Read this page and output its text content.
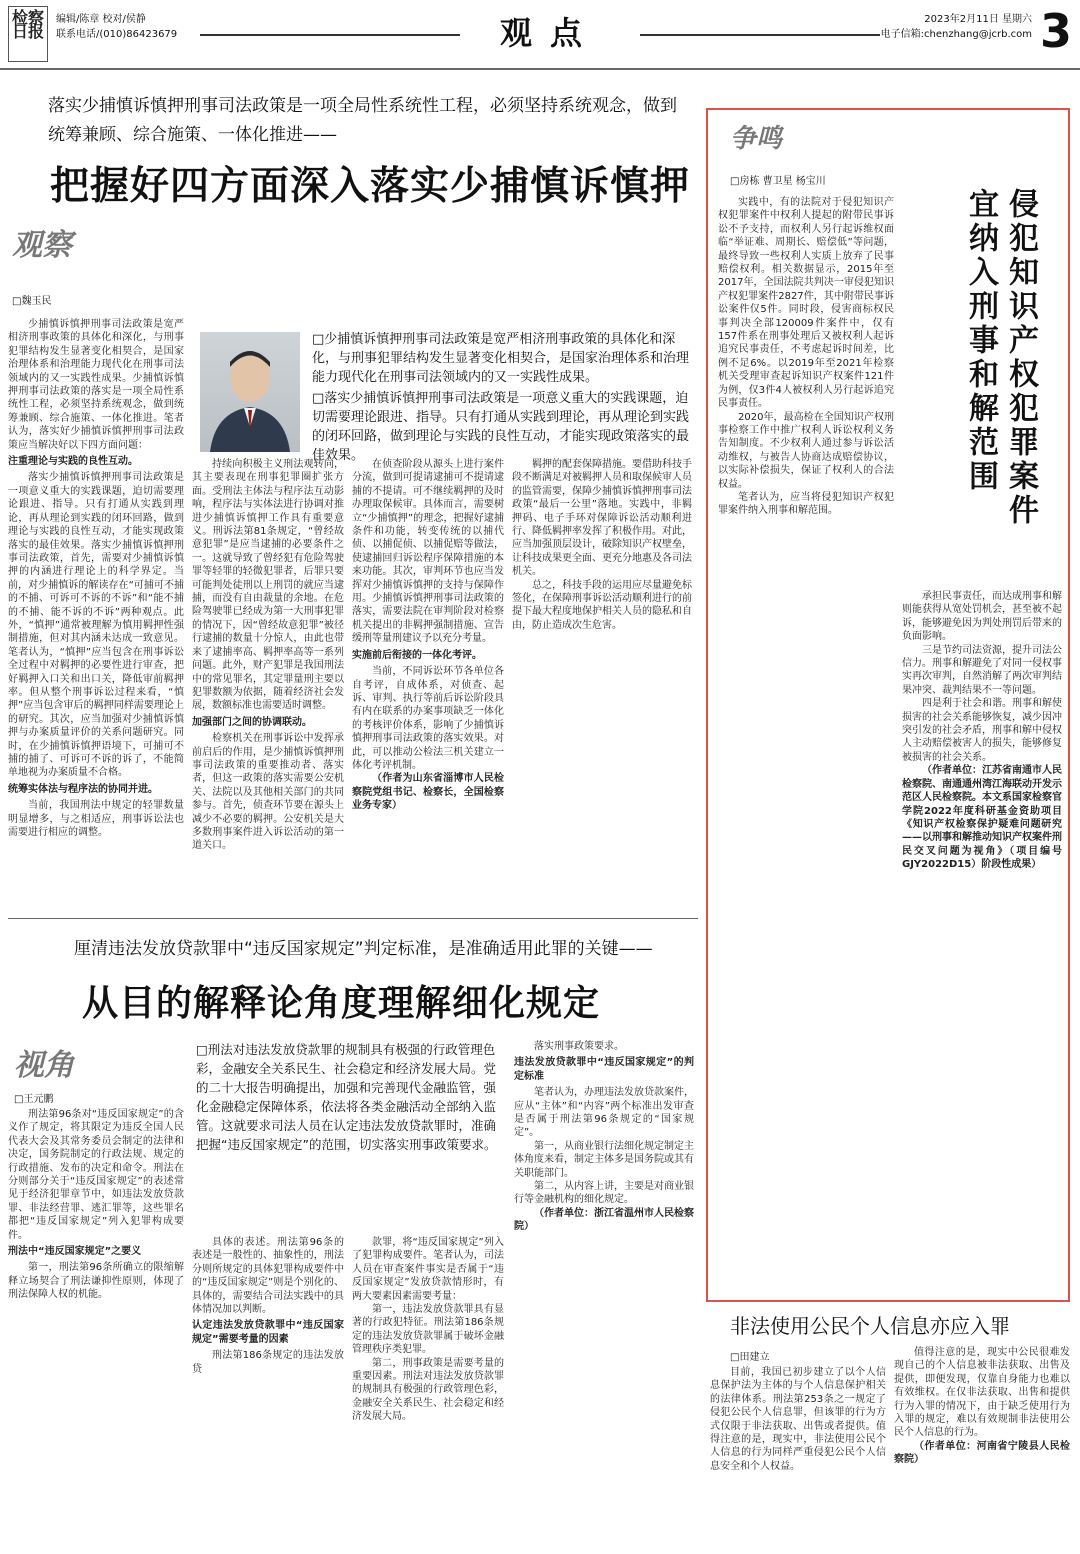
检察日报
编辑/陈章 校对/侯静
联系电话/(010)86423679	观点	2023年2月11日 星期六
电子信箱:chenzhang@jcrb.com 3
落实少捕慎诉慎押刑事司法政策是一项全局性系统性工程，必须坚持系统观念，做到统筹兼顾、综合施策、一体化推进——
把握好四方面深入落实少捕慎诉慎押
观察
□魏玉民

□少捕慎诉慎押刑事司法政策是宽严相济刑事政策的具体化和深化，与刑事犯罪结构发生显著变化相契合，是国家治理体系和治理能力现代化在刑事司法领域内的又一实践性成果。

□落实少捕慎诉慎押刑事司法政策是一项意义重大的实践课题，迫切需要理论跟进、指导。只有打通从实践到理论，再从理论到实践的闭环回路，做到理论与实践的良性互动，才能实现政策落实的最佳效果。

少捕慎诉慎押刑事司法政策是宽严相济刑事政策的具体化和深化，与刑事犯罪结构发生显著变化相契合，是国家治理体系和治理能力现代化在刑事司法领域内的又一实践性成果。少捕慎诉慎押刑事司法政策的落实是一项全局性系统性工程，必须坚持系统观念，做到统筹兼顾、综合施策、一体化推进。笔者认为，落实好少捕慎诉慎押刑事司法政策应当解决好以下四方面问题：

注重理论与实践的良性互动。

落实少捕慎诉慎押刑事司法政策是一项意义重大的实践课题，迫切需要理论跟进、指导。只有打通从实践到理论，再从理论到实践的闭环回路，做到理论与实践的良性互动，才能实现政策落实的最佳效果。落实少捕慎诉慎押刑事司法政策，首先，需要对少捕慎诉慎押的内涵进行理论上的科学界定。当前，对少捕慎诉的解读存在“可捕可不捕的不捕、可诉可不诉的不诉”和“能不捕的不捕、能不诉的不诉”两种观点。此外，“慎押”通常被理解为慎用羁押性强制措施，但对其内涵未达成一致意见。笔者认为，“慎押”应当包含在刑事诉讼全过程中对羁押的必要性进行审查，把好羁押入口关和出口关，降低审前羁押率。但从整个刑事诉讼过程来看，“慎押”应当包含审后的羁押同样需要理论上的研究。其次，应当加强对少捕慎诉慎押与办案质量评价的关系问题研究。同时，在少捕慎诉慎押语境下，可捕可不捕的捕了、可诉可不诉的诉了，不能简单地视为办案质量不合格。

统筹实体法与程序法的协同并进。

当前，我国刑法中规定的轻罪数量明显增多，与之相适应，刑事诉讼法也需要进行相应的调整。

持续向积极主义刑法观转向，其主要表现在刑事犯罪圈扩张方面。受刑法主体法与程序法互动影响，程序法与实体法进行协调对推进少捕慎诉慎押工作具有重要意义。刑诉法第81条规定，“曾经故意犯罪”是应当逮捕的必要条件之一。这就导致了曾经犯有危险驾驶罪等轻罪的轻微犯罪者，后罪只要可能判处徒刑以上刑罚的就应当逮捕，而没有自由裁量的余地。在危险驾驶罪已经成为第一大刑事犯罪的情况下，因“曾经故意犯罪”被径行逮捕的数量十分惊人，由此也带来了逮捕率高、羁押率高等一系列问题。此外，财产犯罪是我国刑法中的常见罪名，其定罪量刑主要以犯罪数额为依据，随着经济社会发展，数额标准也需要适时调整。

加强部门之间的协调联动。

检察机关在刑事诉讼中发挥承前启后的作用，是少捕慎诉慎押刑事司法政策的重要推动者、落实者，但这一政策的落实需要公安机关、法院以及其他相关部门的共同参与。首先，侦查环节要在源头上减少不必要的羁押。公安机关是大多数刑事案件进入诉讼活动的第一道关口。

在侦查阶段从源头上进行案件分流，做到可提请逮捕可不提请逮捕的不提请。可不继续羁押的及时办理取保候审。具体而言，需要树立“少捕慎押”的理念，把握好逮捕条件和功能，转变传统的以捕代侦、以捕促侦、以捕促赔等做法，使逮捕回归诉讼程序保障措施的本来功能。其次，审判环节也应当发挥对少捕慎诉慎押的支持与保障作用。少捕慎诉慎押刑事司法政策的落实，需要法院在审判阶段对检察机关提出的非羁押强制措施、宣告缓刑等量刑建议予以充分考量。

实施前后衔接的一体化考评。

当前，不同诉讼环节各单位各自考评，自成体系，对侦查、起诉、审判、执行等前后诉讼阶段具有内在联系的办案事项缺乏一体化的考核评价体系，影响了少捕慎诉慎押刑事司法政策的落实效果。对此，可以推动公检法三机关建立一体化考评机制。

（作者为山东省淄博市人民检察院党组书记、检察长，全国检察业务专家）

羁押的配套保障措施。要借助科技手段不断满足对被羁押人员和取保候审人员的监管需要，保障少捕慎诉慎押刑事司法政策“最后一公里”落地。实践中，非羁押码、电子手环对保障诉讼活动顺利进行、降低羁押率发挥了积极作用。对此，应当加强顶层设计，破除知识产权壁垒，让科技成果更全面、更充分地惠及各司法机关。

总之，科技手段的运用应尽量避免标签化，在保障刑事诉讼活动顺利进行的前提下最大程度地保护相关人员的隐私和自由，防止造成次生危害。

争鸣
□房栋 曹卫星 杨宝川
侵犯知识产权犯罪案件 宜纳入刑事和解范围

实践中，有的法院对于侵犯知识产权犯罪案件中权利人提起的附带民事诉讼不予支持，而权利人另行起诉维权面临“举证难、周期长、赔偿低”等问题，最终导致一些权利人实质上放弃了民事赔偿权利。相关数据显示，2015年至2017年，全国法院共判决一审侵犯知识产权犯罪案件2827件，其中附带民事诉讼案件仅5件。同时段，侵害商标权民事判决全部120009件案件中，仅有157件系在刑事处理后又被权利人起诉追究民事责任，不考虑起诉时间差，比例不足6%。以2019年至2021年检察机关受理审查起诉知识产权案件121件为例，仅3件4人被权利人另行起诉追究民事责任。

2020年，最高检在全国知识产权刑事检察工作中推广权利人诉讼权利义务告知制度。不少权利人通过参与诉讼活动维权，与被告人协商达成赔偿协议，以实际补偿损失，保证了权利人的合法权益。

笔者认为，应当将侵犯知识产权犯罪案件纳入刑事和解范围。

承担民事责任，而达成刑事和解则能获得从宽处罚机会，甚至被不起诉，能够避免因为判处刑罚后带来的负面影响。

三是节约司法资源，提升司法公信力。刑事和解避免了对同一侵权事实再次审判，自然消解了两次审判结果冲突、裁判结果不一等问题。

四是利于社会和谐。刑事和解使损害的社会关系能够恢复，减少因冲突引发的社会矛盾，刑事和解中侵权人主动赔偿被害人的损失，能够修复被损害的社会关系。

（作者单位：江苏省南通市人民检察院、南通通州湾江海联动开发示范区人民检察院。本文系国家检察官学院2022年度科研基金资助项目《知识产权检察保护疑难问题研究——以刑事和解推动知识产权案件刑民交叉问题为视角》（项目编号GJY2022D15）阶段性成果）

非法使用公民个人信息亦应入罪
□田建立

目前，我国已初步建立了以个人信息保护法为主体的与个人信息保护相关的法律体系。刑法第253条之一规定了侵犯公民个人信息罪，但该罪的行为方式仅限于非法获取、出售或者提供。值得注意的是，现实中，非法使用公民个人信息的行为同样严重侵犯公民个人信息安全和个人权益。

值得注意的是，现实中公民很难发现自己的个人信息被非法获取、出售及提供，即便发现，仅靠自身能力也难以有效维权。在仅非法获取、出售和提供行为入罪的情况下，由于缺乏使用行为入罪的规定，难以有效规制非法使用公民个人信息的行为。

（作者单位：河南省宁陵县人民检察院）

厘清违法发放贷款罪中“违反国家规定”判定标准，是准确适用此罪的关键——
从目的解释论角度理解细化规定
视角
□王元鹏
□刑法对违法发放贷款罪的规制具有极强的行政管理色彩，金融安全关系民生、社会稳定和经济发展大局。党的二十大报告明确提出，加强和完善现代金融监管，强化金融稳定保障体系，依法将各类金融活动全部纳入监管。这就要求司法人员在认定违法发放贷款罪时，准确把握“违反国家规定”的范围，切实落实刑事政策要求。

刑法第96条对“违反国家规定”的含义作了规定，将其限定为违反全国人民代表大会及其常务委员会制定的法律和决定，国务院制定的行政法规、规定的行政措施、发布的决定和命令。刑法在分则部分关于“违反国家规定”的表述常见于经济犯罪章节中，如违法发放贷款罪、非法经营罪、逃汇罪等，这些罪名都把“违反国家规定”列入犯罪构成要件。

刑法中“违反国家规定”之要义

第一，刑法第96条所确立的限缩解释立场契合了刑法谦抑性原则，体现了刑法保障人权的机能。

具体的表述。刑法第96条的表述是一般性的、抽象性的，刑法分则所规定的具体犯罪构成要件中的“违反国家规定”则是个别化的、具体的，需要结合司法实践中的具体情况加以判断。

认定违法发放贷款罪中“违反国家规定”需要考量的因素

刑法第186条规定的违法发放贷

款罪，将“违反国家规定”列入了犯罪构成要件。笔者认为，司法人员在审查案件事实是否属于“违反国家规定”发放贷款情形时，有两大要素因素需要考量：

第一，违法发放贷款罪具有显著的行政犯特征。刑法第186条规定的违法发放贷款罪属于破坏金融管理秩序类犯罪。

第二，刑事政策是需要考量的重要因素。刑法对违法发放贷款罪的规制具有极强的行政管理色彩，金融安全关系民生、社会稳定和经济发展大局。

落实刑事政策要求。

违法发放贷款罪中“违反国家规定”的判定标准

笔者认为，办理违法发放贷款案件，应从“主体”和“内容”两个标准出发审查是否属于刑法第96条规定的“国家规定”。

第一，从商业银行法细化规定制定主体角度来看，制定主体多是国务院或其有关职能部门。

第二，从内容上讲，主要是对商业银行等金融机构的细化规定。

（作者单位：浙江省温州市人民检察院）
